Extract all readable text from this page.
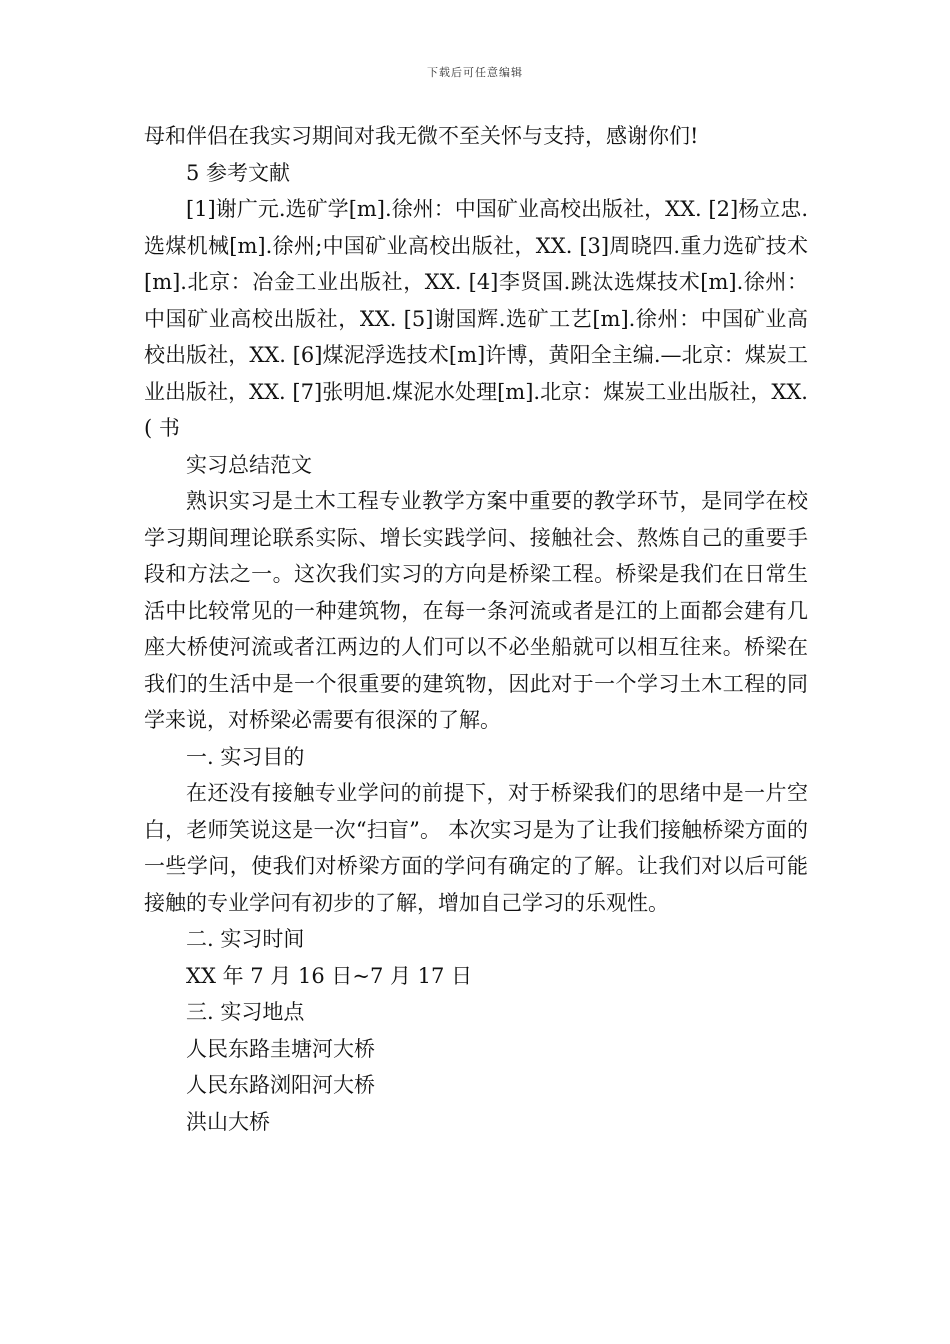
下载后可任意编辑

母和伴侣在我实习期间对我无微不至关怀与支持，感谢你们!

5 参考文献

[1]谢广元.选矿学[m].徐州：中国矿业高校出版社，XX. [2]杨立忠.选煤机械[m].徐州;中国矿业高校出版社，XX. [3]周晓四.重力选矿技术[m].北京：冶金工业出版社，XX. [4]李贤国.跳汰选煤技术[m].徐州：中国矿业高校出版社，XX. [5]谢国辉.选矿工艺[m].徐州：中国矿业高校出版社，XX. [6]煤泥浮选技术[m]许博，黄阳全主编.—北京：煤炭工业出版社，XX. [7]张明旭.煤泥水处理[m].北京：煤炭工业出版社，XX.( 书

实习总结范文

熟识实习是土木工程专业教学方案中重要的教学环节，是同学在校学习期间理论联系实际、增长实践学问、接触社会、熬炼自己的重要手段和方法之一。这次我们实习的方向是桥梁工程。桥梁是我们在日常生活中比较常见的一种建筑物，在每一条河流或者是江的上面都会建有几座大桥使河流或者江两边的人们可以不必坐船就可以相互往来。桥梁在我们的生活中是一个很重要的建筑物，因此对于一个学习土木工程的同学来说，对桥梁必需要有很深的了解。

一. 实习目的

在还没有接触专业学问的前提下，对于桥梁我们的思绪中是一片空白，老师笑说这是一次“扫盲”。 本次实习是为了让我们接触桥梁方面的一些学问，使我们对桥梁方面的学问有确定的了解。让我们对以后可能接触的专业学问有初步的了解，增加自己学习的乐观性。

二. 实习时间

XX 年 7 月 16 日~7 月 17 日

三. 实习地点

人民东路圭塘河大桥

人民东路浏阳河大桥

洪山大桥
